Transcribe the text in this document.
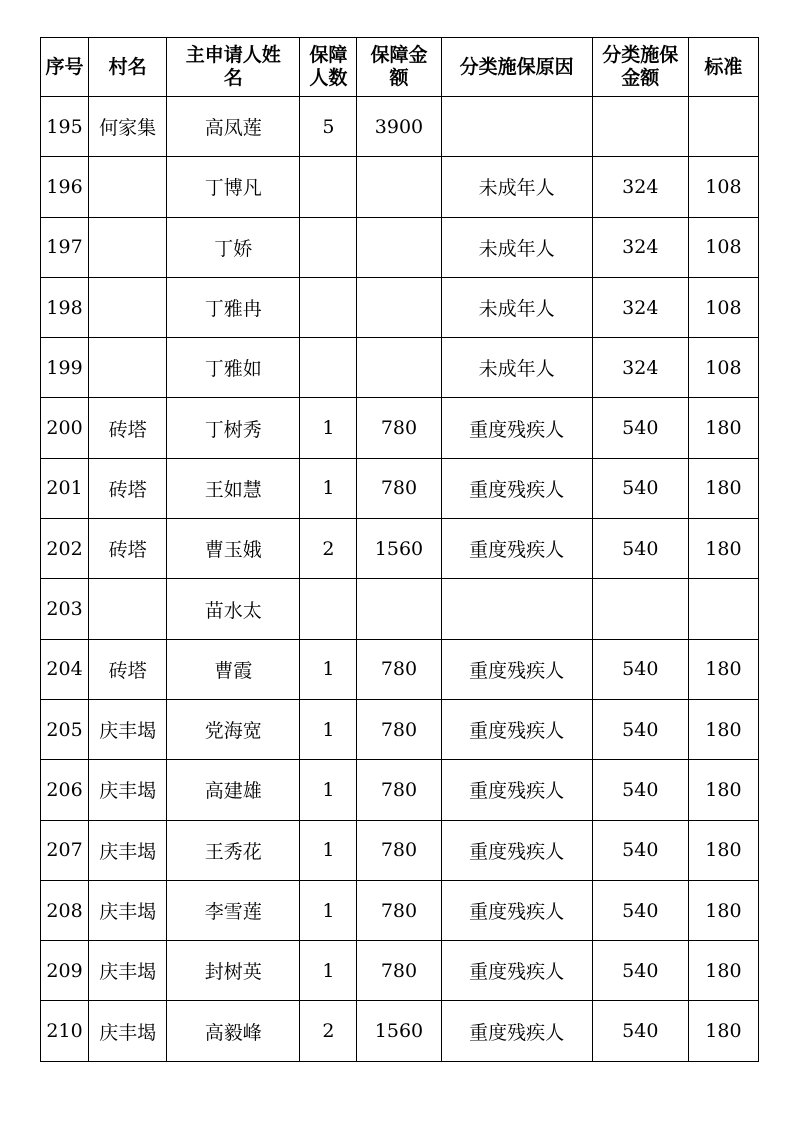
序号	村名	主申请人姓名	保障人数	保障金额	分类施保原因	分类施保金额	标准
195	何家集	高凤莲	5	3900			
196		丁博凡			未成年人	324	108
197		丁娇			未成年人	324	108
198		丁雅冉			未成年人	324	108
199		丁雅如			未成年人	324	108
200	砖塔	丁树秀	1	780	重度残疾人	540	180
201	砖塔	王如慧	1	780	重度残疾人	540	180
202	砖塔	曹玉娥	2	1560	重度残疾人	540	180
203		苗水太					
204	砖塔	曹霞	1	780	重度残疾人	540	180
205	庆丰堨	党海宽	1	780	重度残疾人	540	180
206	庆丰堨	高建雄	1	780	重度残疾人	540	180
207	庆丰堨	王秀花	1	780	重度残疾人	540	180
208	庆丰堨	李雪莲	1	780	重度残疾人	540	180
209	庆丰堨	封树英	1	780	重度残疾人	540	180
210	庆丰堨	高毅峰	2	1560	重度残疾人	540	180
